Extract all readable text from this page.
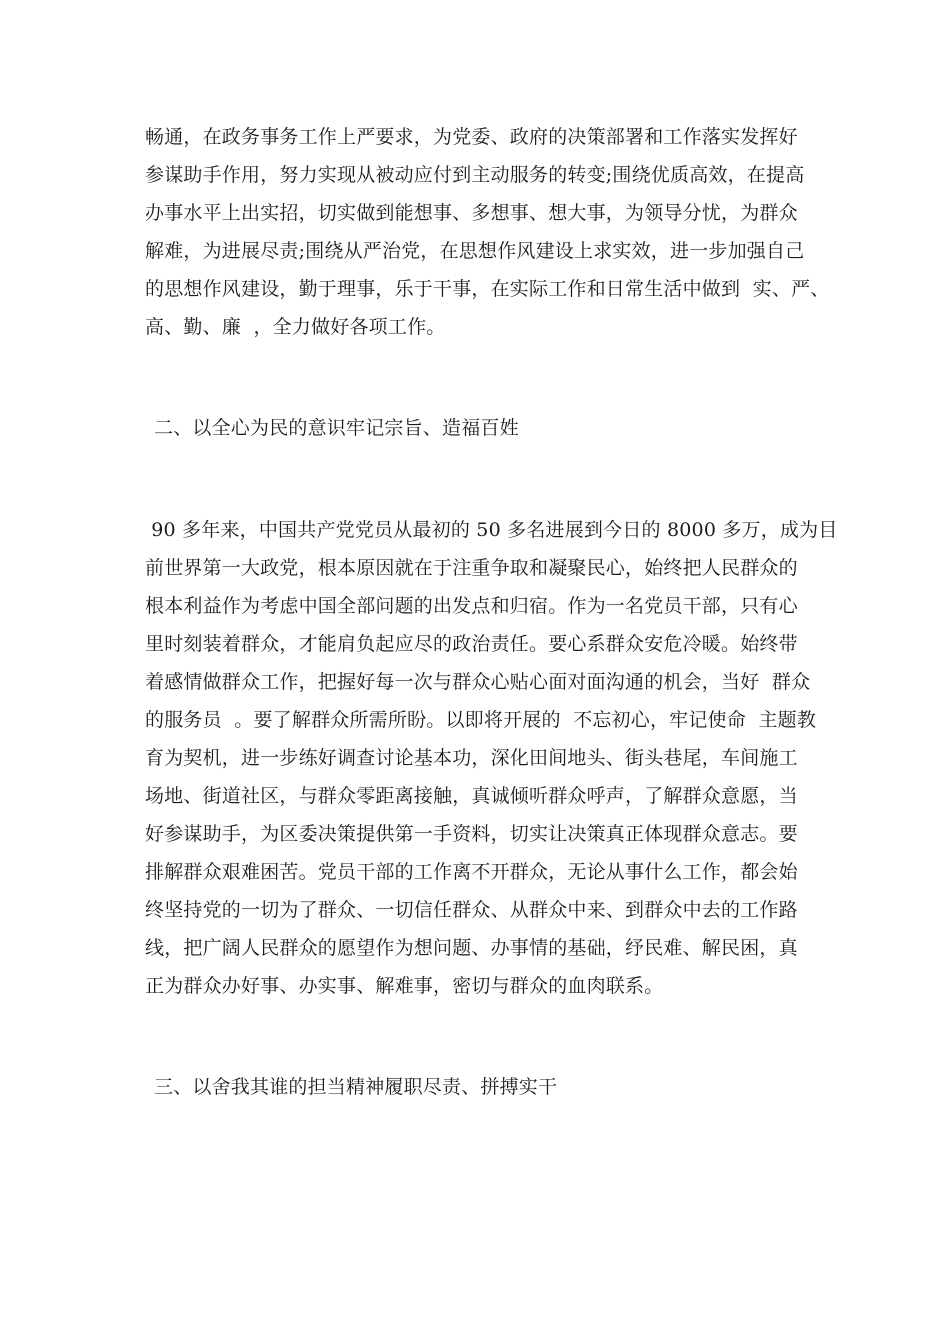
畅通，在政务事务工作上严要求，为党委、政府的决策部署和工作落实发挥好
参谋助手作用，努力实现从被动应付到主动服务的转变;围绕优质高效，在提高
办事水平上出实招，切实做到能想事、多想事、想大事，为领导分忧，为群众
解难，为进展尽责;围绕从严治党，在思想作风建设上求实效，进一步加强自己
的思想作风建设，勤于理事，乐于干事，在实际工作和日常生活中做到  实、严、
高、勤、廉  ，全力做好各项工作。
二、以全心为民的意识牢记宗旨、造福百姓
90 多年来，中国共产党党员从最初的 50 多名进展到今日的 8000 多万，成为目
前世界第一大政党，根本原因就在于注重争取和凝聚民心，始终把人民群众的
根本利益作为考虑中国全部问题的出发点和归宿。作为一名党员干部，只有心
里时刻装着群众，才能肩负起应尽的政治责任。要心系群众安危冷暖。始终带
着感情做群众工作，把握好每一次与群众心贴心面对面沟通的机会，当好  群众
的服务员  。要了解群众所需所盼。以即将开展的  不忘初心，牢记使命  主题教
育为契机，进一步练好调查讨论基本功，深化田间地头、街头巷尾，车间施工
场地、街道社区，与群众零距离接触，真诚倾听群众呼声，了解群众意愿，当
好参谋助手，为区委决策提供第一手资料，切实让决策真正体现群众意志。要
排解群众艰难困苦。党员干部的工作离不开群众，无论从事什么工作，都会始
终坚持党的一切为了群众、一切信任群众、从群众中来、到群众中去的工作路
线，把广阔人民群众的愿望作为想问题、办事情的基础，纾民难、解民困，真
正为群众办好事、办实事、解难事，密切与群众的血肉联系。
三、以舍我其谁的担当精神履职尽责、拼搏实干
